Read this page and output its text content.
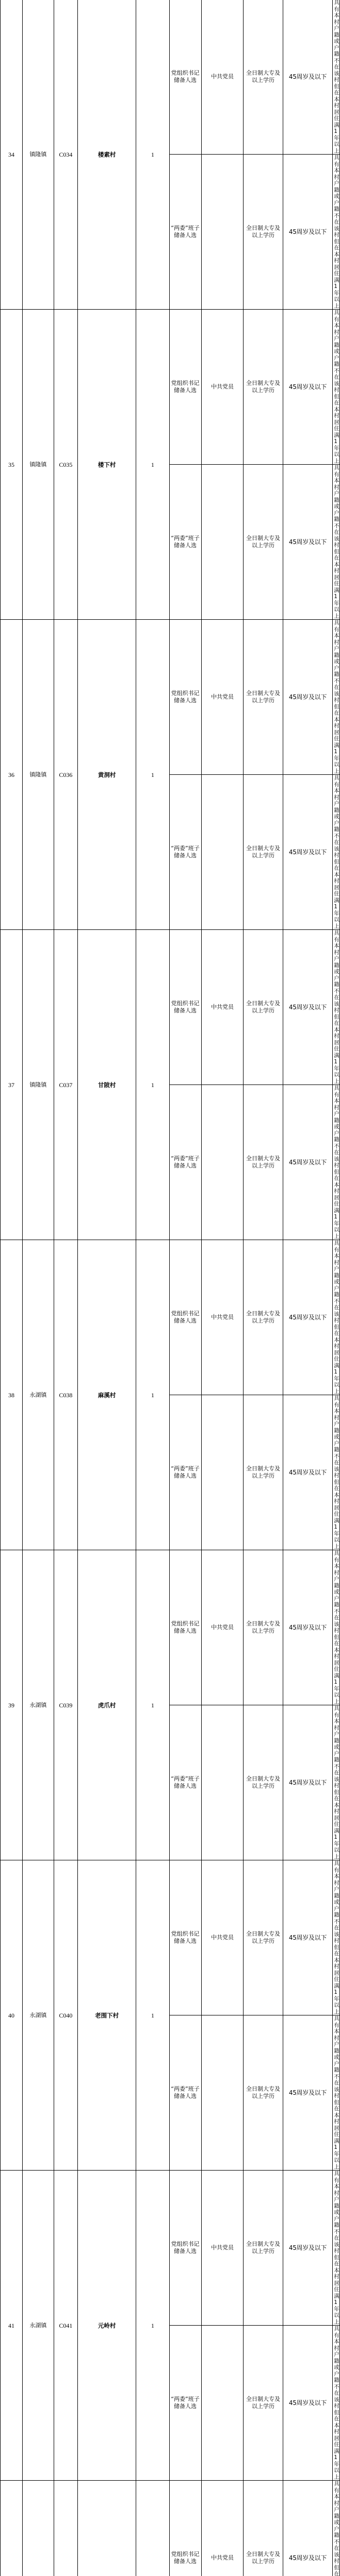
34	镇隆镇	C034	楼素村	1	党组织书记储备人选	中共党员	全日制大专及以上学历	45周岁及以下	具有本村户籍或户籍不在该村但在本村居住满1年以上
					“两委”班子储备人选		全日制大专及以上学历	45周岁及以下	具有本村户籍或户籍不在该村但在本村居住满1年以上
35	镇隆镇	C035	楼下村	1	党组织书记储备人选	中共党员	全日制大专及以上学历	45周岁及以下	具有本村户籍或户籍不在该村但在本村居住满1年以上
					“两委”班子储备人选		全日制大专及以上学历	45周岁及以下	具有本村户籍或户籍不在该村但在本村居住满1年以上
36	镇隆镇	C036	黄洞村	1	党组织书记储备人选	中共党员	全日制大专及以上学历	45周岁及以下	具有本村户籍或户籍不在该村但在本村居住满1年以上
					“两委”班子储备人选		全日制大专及以上学历	45周岁及以下	具有本村户籍或户籍不在该村但在本村居住满1年以上
37	镇隆镇	C037	甘陂村	1	党组织书记储备人选	中共党员	全日制大专及以上学历	45周岁及以下	具有本村户籍或户籍不在该村但在本村居住满1年以上
					“两委”班子储备人选		全日制大专及以上学历	45周岁及以下	具有本村户籍或户籍不在该村但在本村居住满1年以上
38	永湖镇	C038	麻溪村	1	党组织书记储备人选	中共党员	全日制大专及以上学历	45周岁及以下	具有本村户籍或户籍不在该村但在本村居住满1年以上
					“两委”班子储备人选		全日制大专及以上学历	45周岁及以下	具有本村户籍或户籍不在该村但在本村居住满1年以上
39	永湖镇	C039	虎爪村	1	党组织书记储备人选	中共党员	全日制大专及以上学历	45周岁及以下	具有本村户籍或户籍不在该村但在本村居住满1年以上
					“两委”班子储备人选		全日制大专及以上学历	45周岁及以下	具有本村户籍或户籍不在该村但在本村居住满1年以上
40	永湖镇	C040	老围下村	1	党组织书记储备人选	中共党员	全日制大专及以上学历	45周岁及以下	具有本村户籍或户籍不在该村但在本村居住满1年以上
					“两委”班子储备人选		全日制大专及以上学历	45周岁及以下	具有本村户籍或户籍不在该村但在本村居住满1年以上
41	永湖镇	C041	元岭村	1	党组织书记储备人选	中共党员	全日制大专及以上学历	45周岁及以下	具有本村户籍或户籍不在该村但在本村居住满1年以上
					“两委”班子储备人选		全日制大专及以上学历	45周岁及以下	具有本村户籍或户籍不在该村但在本村居住满1年以上
					党组织书记储备人选	中共党员	全日制大专及以上学历	45周岁及以下	具有本村户籍或户籍不在该村但在
